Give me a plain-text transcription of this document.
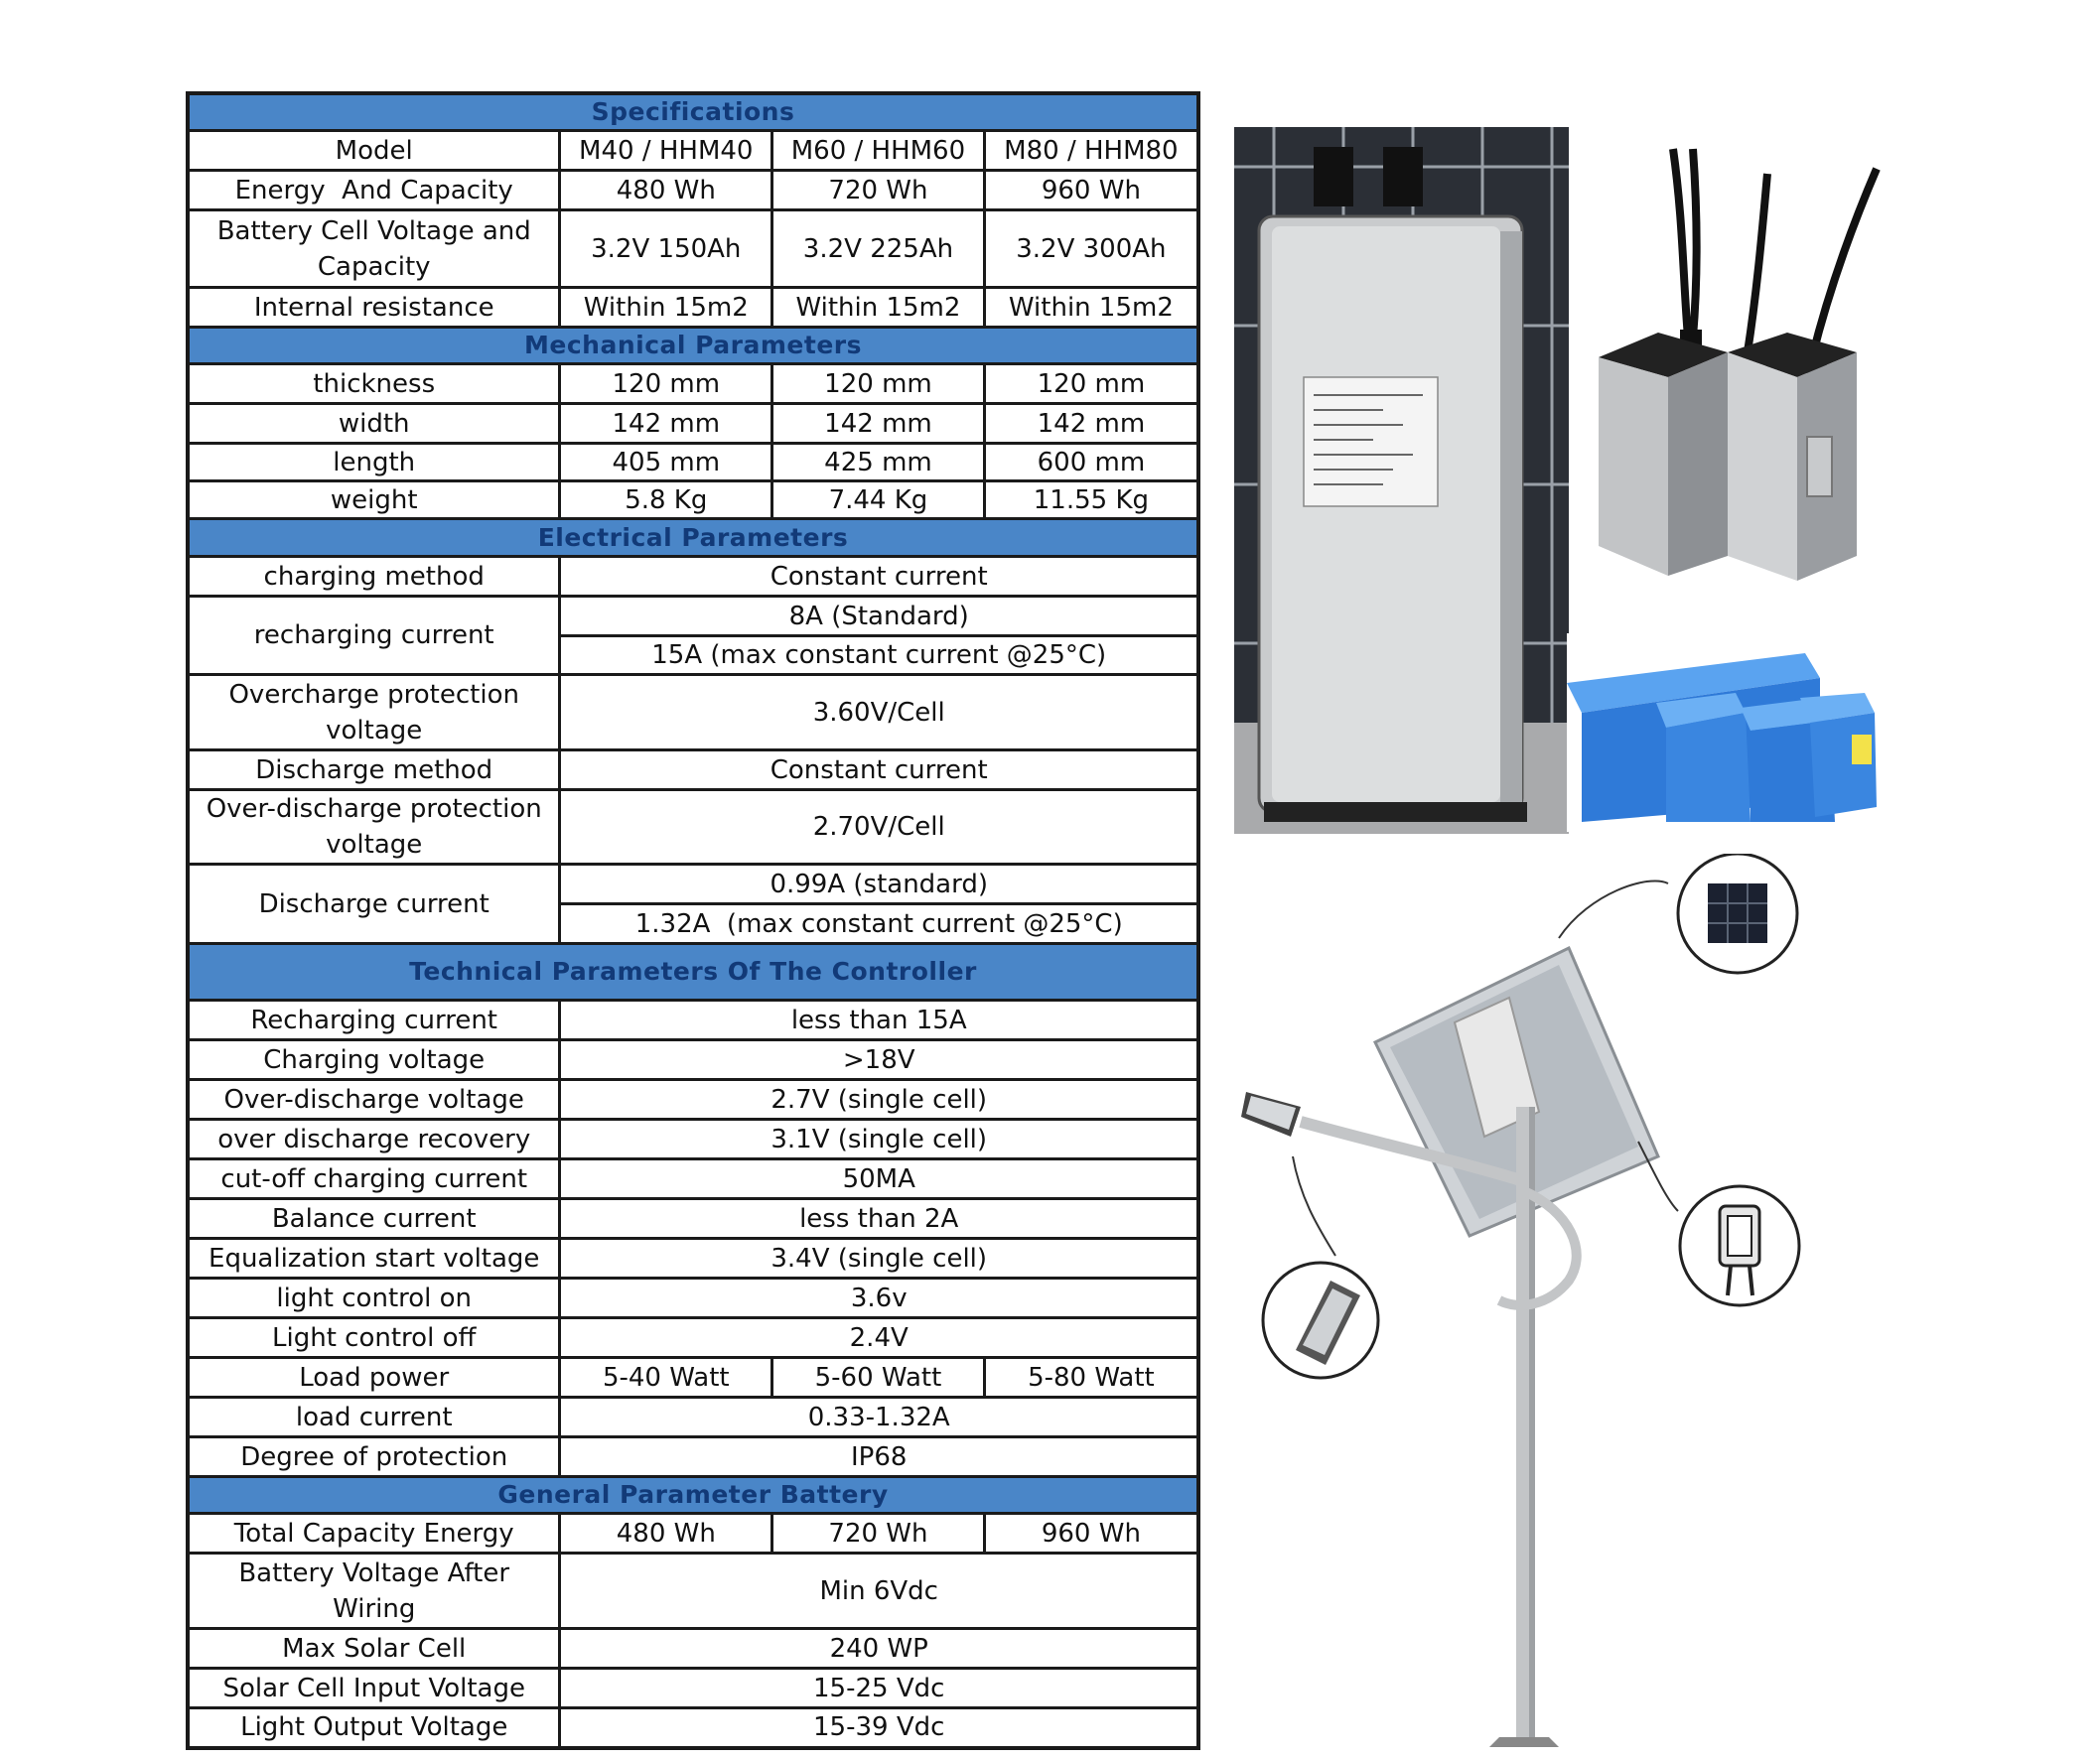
Specifications			
Model	M40 / HHM40	M60 / HHM60	M80 / HHM80
Energy  And Capacity	480 Wh	720 Wh	960 Wh
Battery Cell Voltage and Capacity	3.2V 150Ah	3.2V 225Ah	3.2V 300Ah
Internal resistance	Within 15m2	Within 15m2	Within 15m2
Mechanical Parameters			
thickness	120 mm	120 mm	120 mm
width	142 mm	142 mm	142 mm
length	405 mm	425 mm	600 mm
weight	5.8 Kg	7.44 Kg	11.55 Kg
Electrical Parameters			
charging method	Constant current		
recharging current	8A (Standard)		
	15A (max constant current @25°C)		
Overcharge protection voltage	3.60V/Cell		
Discharge method	Constant current		
Over-discharge protection voltage	2.70V/Cell		
Discharge current	0.99A (standard)		
	1.32A  (max constant current @25°C)		
Technical Parameters Of The Controller			
Recharging current	less than 15A		
Charging voltage	>18V		
Over-discharge voltage	2.7V (single cell)		
over discharge recovery	3.1V (single cell)		
cut-off charging current	50MA		
Balance current	less than 2A		
Equalization start voltage	3.4V (single cell)		
light control on	3.6v		
Light control off	2.4V		
Load power	5-40 Watt	5-60 Watt	5-80 Watt
load current	0.33-1.32A		
Degree of protection	IP68		
General Parameter Battery			
Total Capacity Energy	480 Wh	720 Wh	960 Wh
Battery Voltage After Wiring	Min 6Vdc		
Max Solar Cell	240 WP		
Solar Cell Input Voltage	15-25 Vdc		
Light Output Voltage	15-39 Vdc		
